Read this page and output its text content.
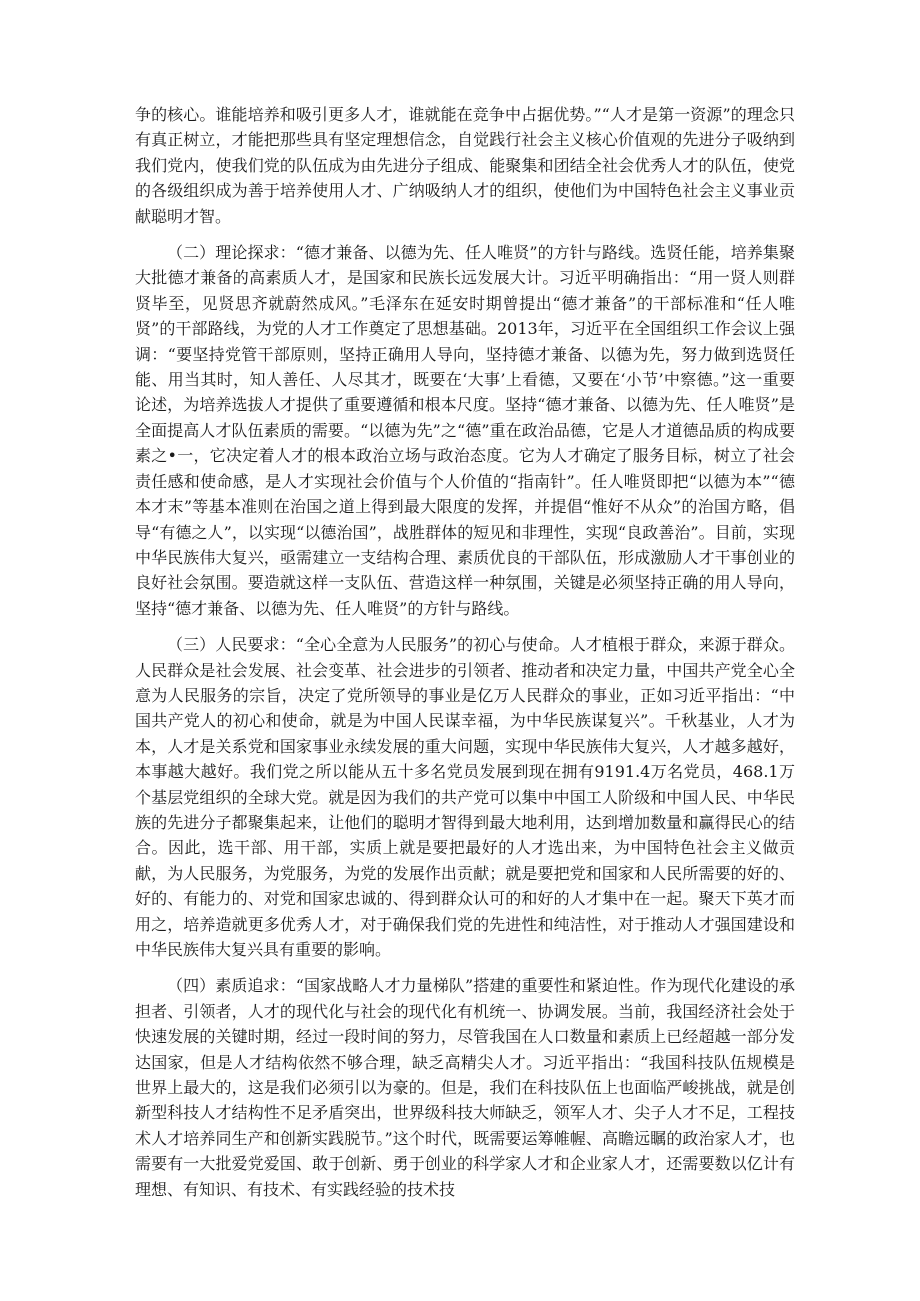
争的核心。谁能培养和吸引更多人才，谁就能在竞争中占据优势。”“人才是第一资源”的理念只有真正树立，才能把那些具有坚定理想信念，自觉践行社会主义核心价值观的先进分子吸纳到我们党内，使我们党的队伍成为由先进分子组成、能聚集和团结全社会优秀人才的队伍，使党的各级组织成为善于培养使用人才、广纳吸纳人才的组织，使他们为中国特色社会主义事业贡献聪明才智。

（二）理论探求：“德才兼备、以德为先、任人唯贤”的方针与路线。选贤任能，培养集聚大批德才兼备的高素质人才，是国家和民族长远发展大计。习近平明确指出：“用一贤人则群贤毕至，见贤思齐就蔚然成风。”毛泽东在延安时期曾提出“德才兼备”的干部标准和“任人唯贤”的干部路线，为党的人才工作奠定了思想基础。2013年，习近平在全国组织工作会议上强调：“要坚持党管干部原则，坚持正确用人导向，坚持德才兼备、以德为先，努力做到选贤任能、用当其时，知人善任、人尽其才，既要在‘大事’上看德，又要在‘小节’中察德。”这一重要论述，为培养选拔人才提供了重要遵循和根本尺度。坚持“德才兼备、以德为先、任人唯贤”是全面提高人才队伍素质的需要。“以德为先”之“德”重在政治品德，它是人才道德品质的构成要素之•一，它决定着人才的根本政治立场与政治态度。它为人才确定了服务目标，树立了社会责任感和使命感，是人才实现社会价值与个人价值的“指南针”。任人唯贤即把“以德为本”“德本才末”等基本准则在治国之道上得到最大限度的发挥，并提倡“惟好不从众”的治国方略，倡导“有德之人”，以实现“以德治国”，战胜群体的短见和非理性，实现“良政善治”。目前，实现中华民族伟大复兴，亟需建立一支结构合理、素质优良的干部队伍，形成激励人才干事创业的良好社会氛围。要造就这样一支队伍、营造这样一种氛围，关键是必须坚持正确的用人导向，坚持“德才兼备、以德为先、任人唯贤”的方针与路线。

（三）人民要求：“全心全意为人民服务”的初心与使命。人才植根于群众，来源于群众。人民群众是社会发展、社会变革、社会进步的引领者、推动者和决定力量，中国共产党全心全意为人民服务的宗旨，决定了党所领导的事业是亿万人民群众的事业，正如习近平指出：“中国共产党人的初心和使命，就是为中国人民谋幸福，为中华民族谋复兴”。千秋基业，人才为本，人才是关系党和国家事业永续发展的重大问题，实现中华民族伟大复兴，人才越多越好，本事越大越好。我们党之所以能从五十多名党员发展到现在拥有9191.4万名党员，468.1万个基层党组织的全球大党。就是因为我们的共产党可以集中中国工人阶级和中国人民、中华民族的先进分子都聚集起来，让他们的聪明才智得到最大地利用，达到增加数量和赢得民心的结合。因此，选干部、用干部，实质上就是要把最好的人才选出来，为中国特色社会主义做贡献，为人民服务，为党服务，为党的发展作出贡献；就是要把党和国家和人民所需要的好的、好的、有能力的、对党和国家忠诚的、得到群众认可的和好的人才集中在一起。聚天下英才而用之，培养造就更多优秀人才，对于确保我们党的先进性和纯洁性，对于推动人才强国建设和中华民族伟大复兴具有重要的影响。

（四）素质追求：“国家战略人才力量梯队”搭建的重要性和紧迫性。作为现代化建设的承担者、引领者，人才的现代化与社会的现代化有机统一、协调发展。当前，我国经济社会处于快速发展的关键时期，经过一段时间的努力，尽管我国在人口数量和素质上已经超越一部分发达国家，但是人才结构依然不够合理，缺乏高精尖人才。习近平指出：“我国科技队伍规模是世界上最大的，这是我们必须引以为豪的。但是，我们在科技队伍上也面临严峻挑战，就是创新型科技人才结构性不足矛盾突出，世界级科技大师缺乏，领军人才、尖子人才不足，工程技术人才培养同生产和创新实践脱节。”这个时代，既需要运筹帷幄、高瞻远瞩的政治家人才，也需要有一大批爱党爱国、敢于创新、勇于创业的科学家人才和企业家人才，还需要数以亿计有理想、有知识、有技术、有实践经验的技术技
